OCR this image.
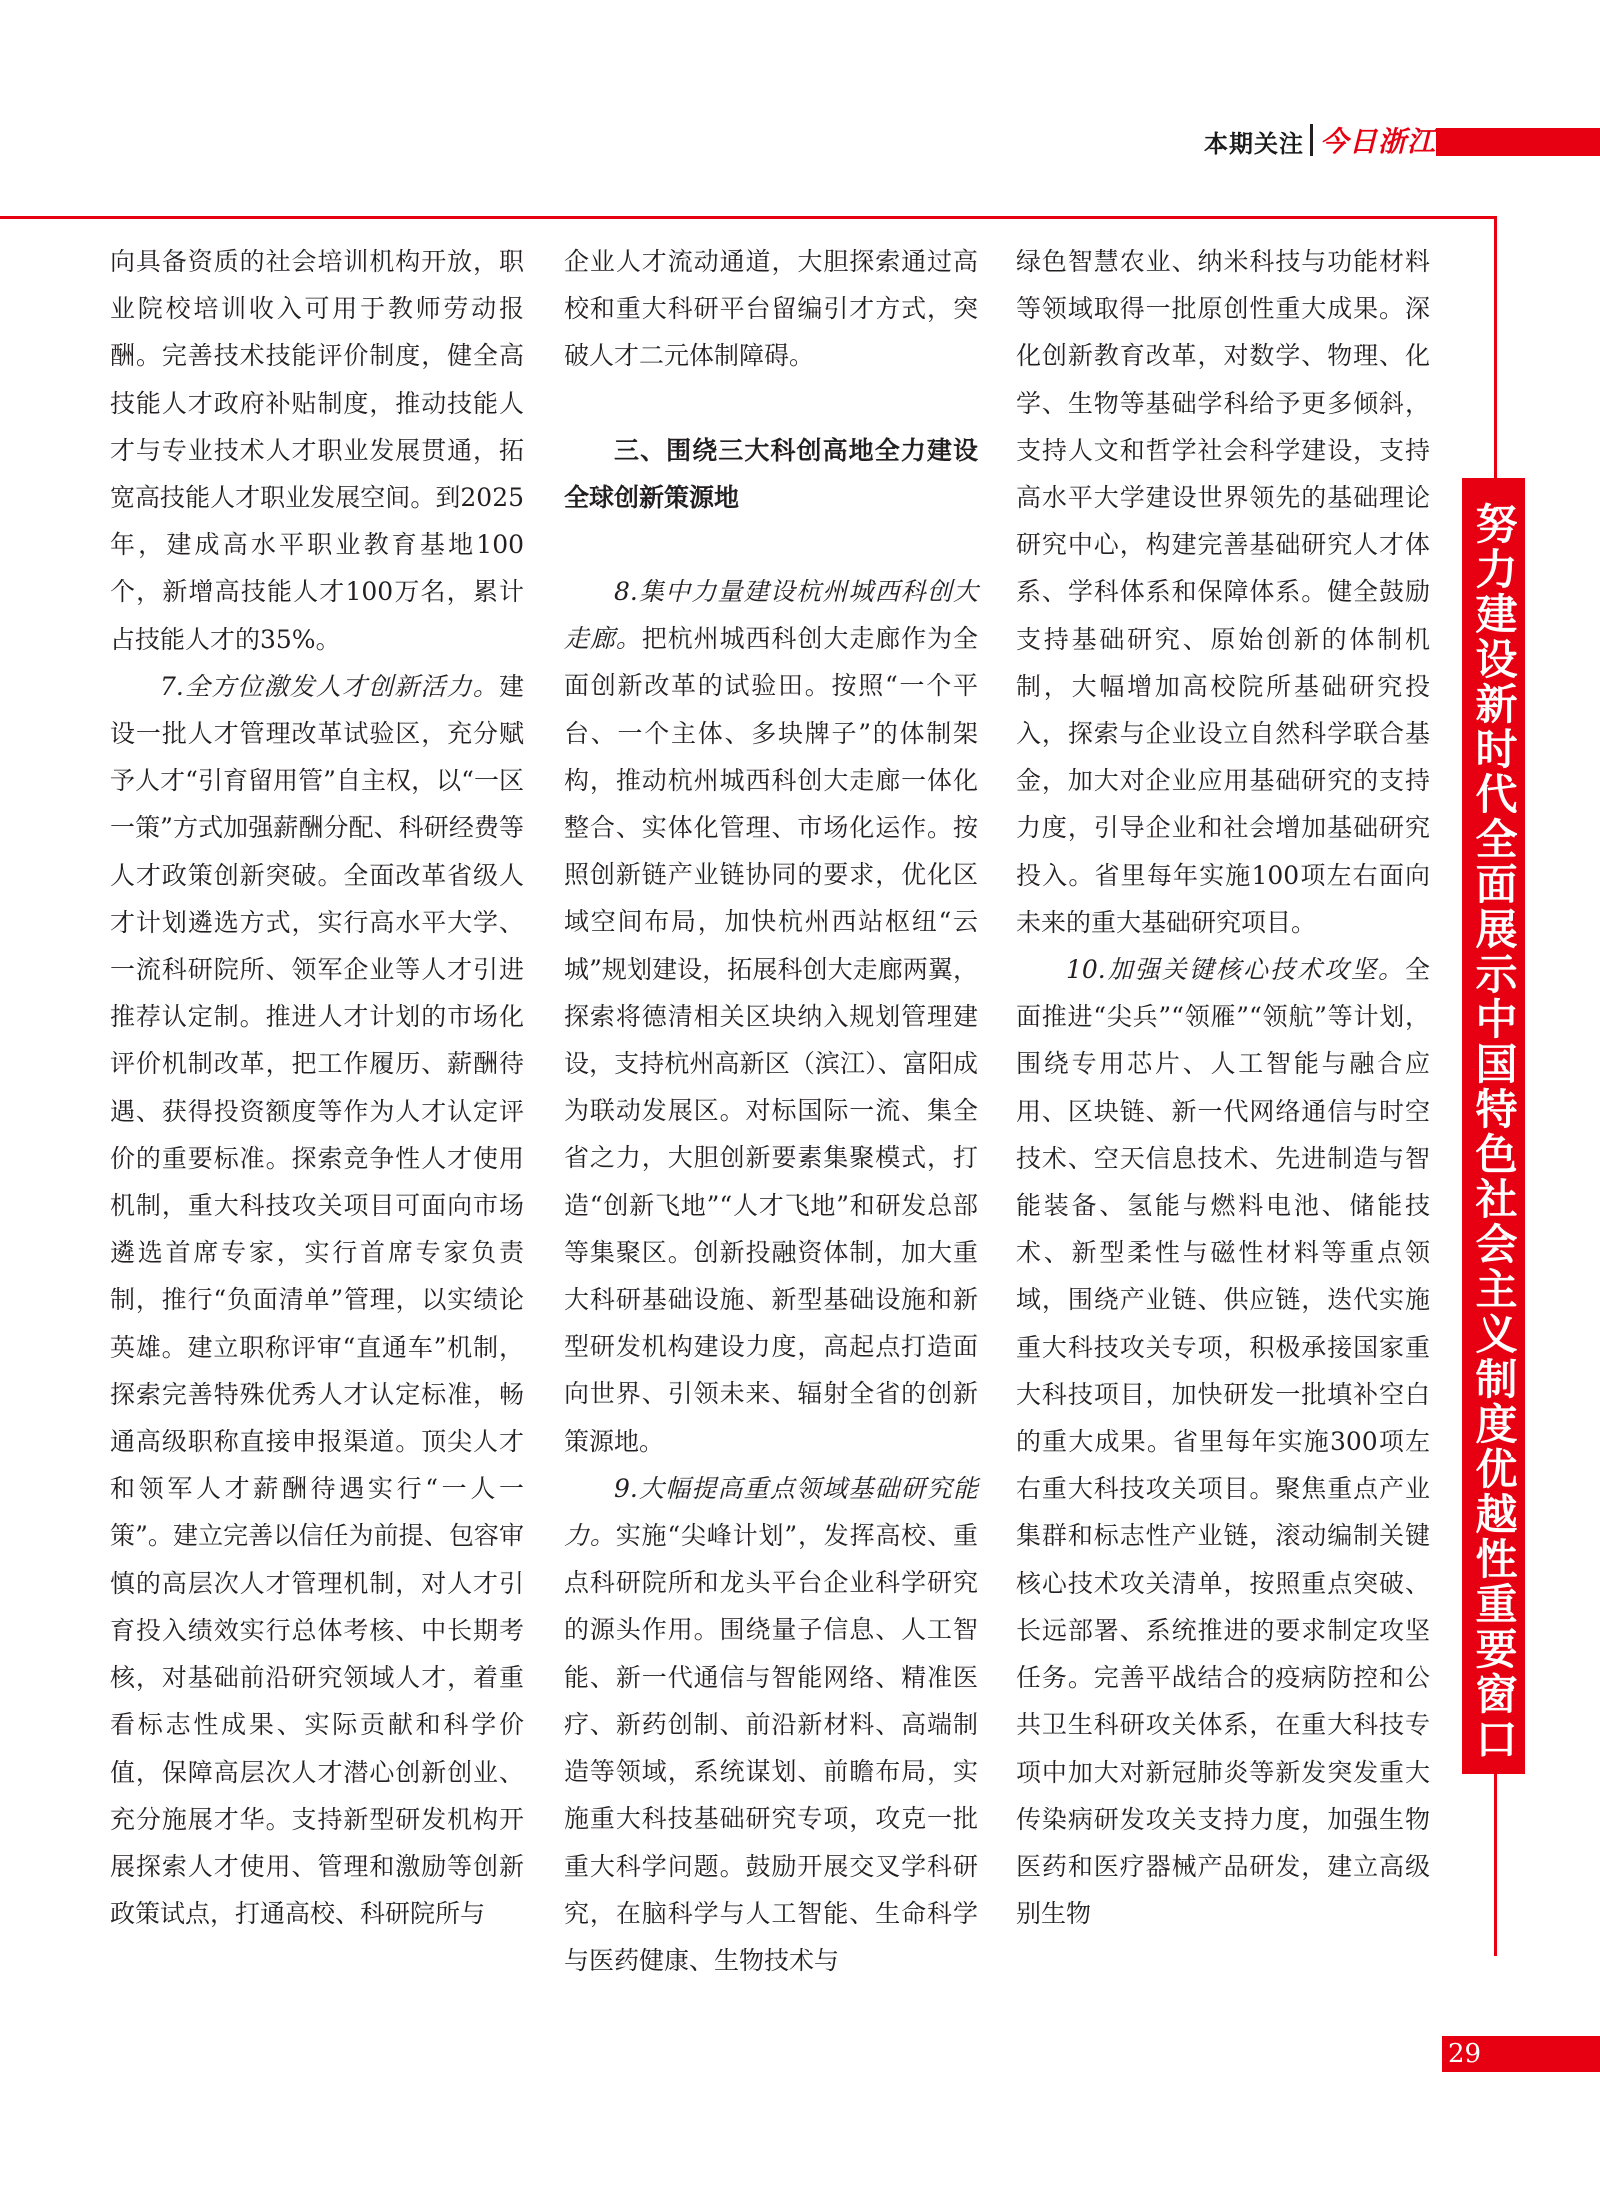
本期关注 今日浙江

向具备资质的社会培训机构开放，职业院校培训收入可用于教师劳动报酬。完善技术技能评价制度，健全高技能人才政府补贴制度，推动技能人才与专业技术人才职业发展贯通，拓宽高技能人才职业发展空间。到2025年，建成高水平职业教育基地100个，新增高技能人才100万名，累计占技能人才的35%。

7.全方位激发人才创新活力。建设一批人才管理改革试验区，充分赋予人才“引育留用管”自主权，以“一区一策”方式加强薪酬分配、科研经费等人才政策创新突破。全面改革省级人才计划遴选方式，实行高水平大学、一流科研院所、领军企业等人才引进推荐认定制。推进人才计划的市场化评价机制改革，把工作履历、薪酬待遇、获得投资额度等作为人才认定评价的重要标准。探索竞争性人才使用机制，重大科技攻关项目可面向市场遴选首席专家，实行首席专家负责制，推行“负面清单”管理，以实绩论英雄。建立职称评审“直通车”机制，探索完善特殊优秀人才认定标准，畅通高级职称直接申报渠道。顶尖人才和领军人才薪酬待遇实行“一人一策”。建立完善以信任为前提、包容审慎的高层次人才管理机制，对人才引育投入绩效实行总体考核、中长期考核，对基础前沿研究领域人才，着重看标志性成果、实际贡献和科学价值，保障高层次人才潜心创新创业、充分施展才华。支持新型研发机构开展探索人才使用、管理和激励等创新政策试点，打通高校、科研院所与

企业人才流动通道，大胆探索通过高校和重大科研平台留编引才方式，突破人才二元体制障碍。

三、围绕三大科创高地全力建设全球创新策源地

8.集中力量建设杭州城西科创大走廊。把杭州城西科创大走廊作为全面创新改革的试验田。按照“一个平台、一个主体、多块牌子”的体制架构，推动杭州城西科创大走廊一体化整合、实体化管理、市场化运作。按照创新链产业链协同的要求，优化区域空间布局，加快杭州西站枢纽“云城”规划建设，拓展科创大走廊两翼，探索将德清相关区块纳入规划管理建设，支持杭州高新区（滨江）、富阳成为联动发展区。对标国际一流、集全省之力，大胆创新要素集聚模式，打造“创新飞地”“人才飞地”和研发总部等集聚区。创新投融资体制，加大重大科研基础设施、新型基础设施和新型研发机构建设力度，高起点打造面向世界、引领未来、辐射全省的创新策源地。

9.大幅提高重点领域基础研究能力。实施“尖峰计划”，发挥高校、重点科研院所和龙头平台企业科学研究的源头作用。围绕量子信息、人工智能、新一代通信与智能网络、精准医疗、新药创制、前沿新材料、高端制造等领域，系统谋划、前瞻布局，实施重大科技基础研究专项，攻克一批重大科学问题。鼓励开展交叉学科研究，在脑科学与人工智能、生命科学与医药健康、生物技术与

绿色智慧农业、纳米科技与功能材料等领域取得一批原创性重大成果。深化创新教育改革，对数学、物理、化学、生物等基础学科给予更多倾斜，支持人文和哲学社会科学建设，支持高水平大学建设世界领先的基础理论研究中心，构建完善基础研究人才体系、学科体系和保障体系。健全鼓励支持基础研究、原始创新的体制机制，大幅增加高校院所基础研究投入，探索与企业设立自然科学联合基金，加大对企业应用基础研究的支持力度，引导企业和社会增加基础研究投入。省里每年实施100项左右面向未来的重大基础研究项目。

10.加强关键核心技术攻坚。全面推进“尖兵”“领雁”“领航”等计划，围绕专用芯片、人工智能与融合应用、区块链、新一代网络通信与时空技术、空天信息技术、先进制造与智能装备、氢能与燃料电池、储能技术、新型柔性与磁性材料等重点领域，围绕产业链、供应链，迭代实施重大科技攻关专项，积极承接国家重大科技项目，加快研发一批填补空白的重大成果。省里每年实施300项左右重大科技攻关项目。聚焦重点产业集群和标志性产业链，滚动编制关键核心技术攻关清单，按照重点突破、长远部署、系统推进的要求制定攻坚任务。完善平战结合的疫病防控和公共卫生科研攻关体系，在重大科技专项中加大对新冠肺炎等新发突发重大传染病研发攻关支持力度，加强生物医药和医疗器械产品研发，建立高级别生物

努力建设新时代全面展示中国特色社会主义制度优越性重要窗口
29
